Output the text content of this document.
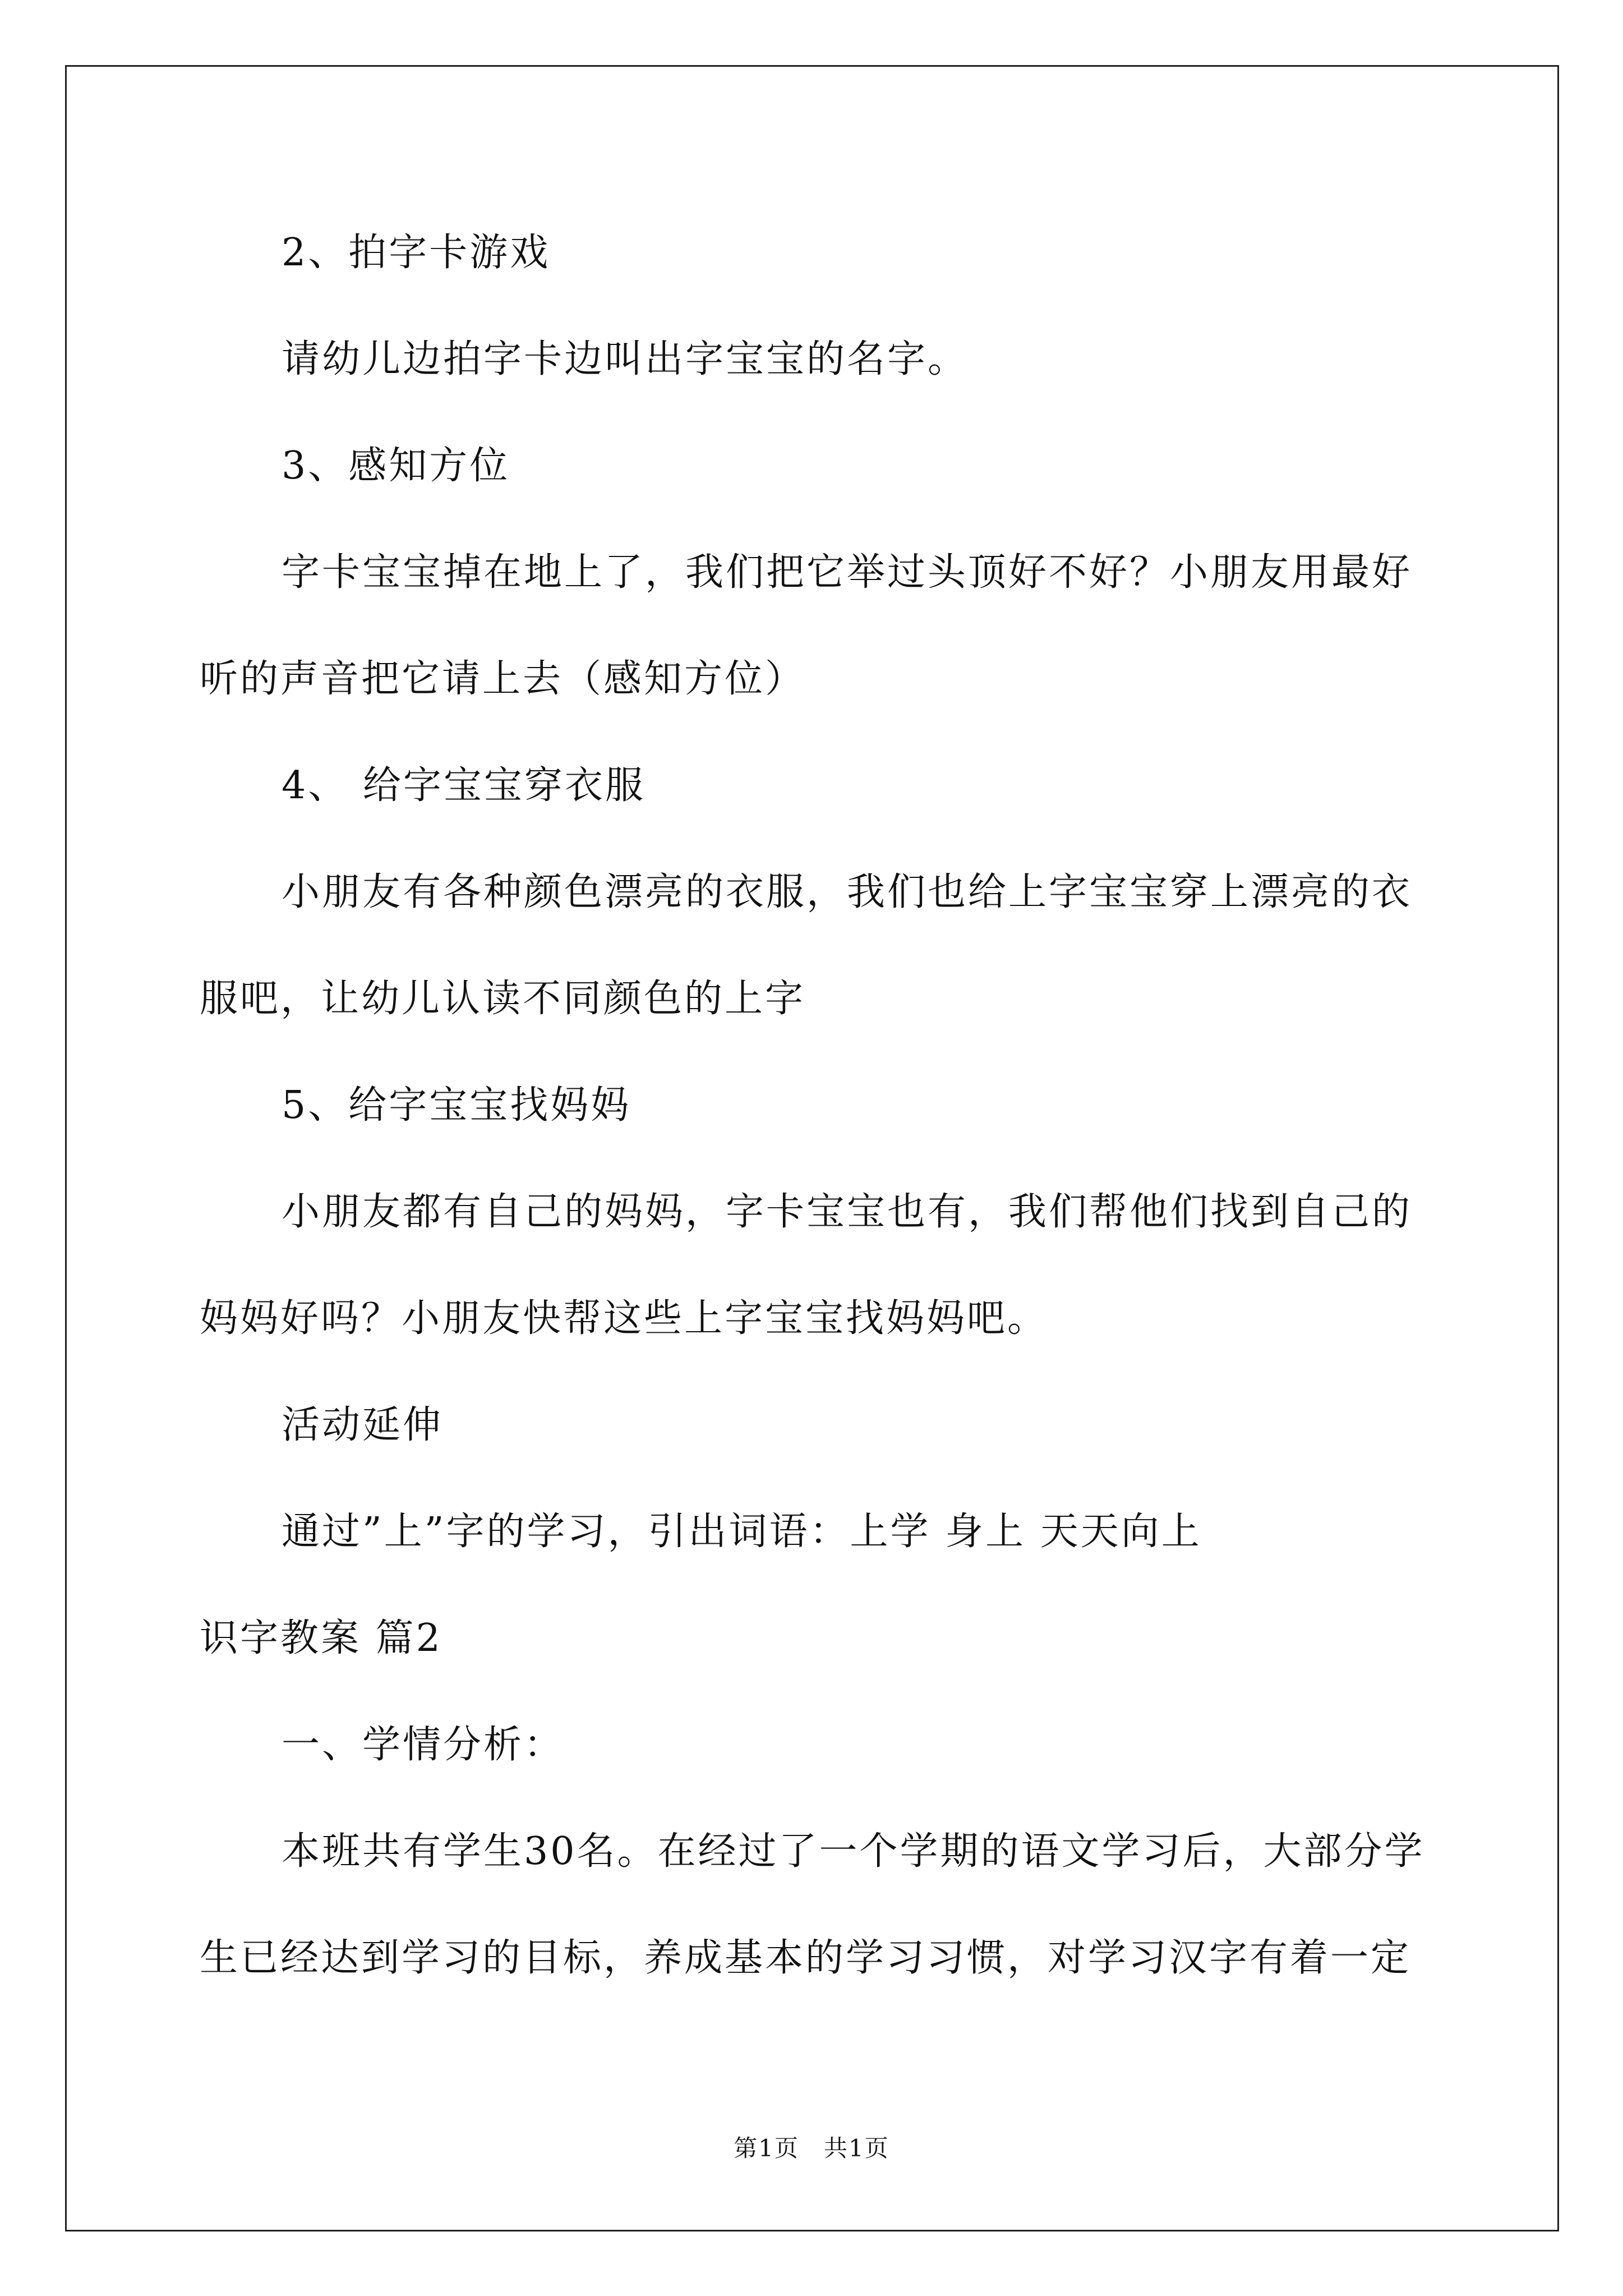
2、拍字卡游戏
请幼儿边拍字卡边叫出字宝宝的名字。
3、感知方位
字卡宝宝掉在地上了，我们把它举过头顶好不好？小朋友用最好
听的声音把它请上去（感知方位）
4、 给字宝宝穿衣服
小朋友有各种颜色漂亮的衣服，我们也给上字宝宝穿上漂亮的衣
服吧，让幼儿认读不同颜色的上字
5、给字宝宝找妈妈
小朋友都有自己的妈妈，字卡宝宝也有，我们帮他们找到自己的
妈妈好吗？小朋友快帮这些上字宝宝找妈妈吧。
活动延伸
通过”上”字的学习，引出词语：上学 身上 天天向上
识字教案 篇2
一、学情分析：
本班共有学生30名。在经过了一个学期的语文学习后，大部分学
生已经达到学习的目标，养成基本的学习习惯，对学习汉字有着一定
第1页　共1页
